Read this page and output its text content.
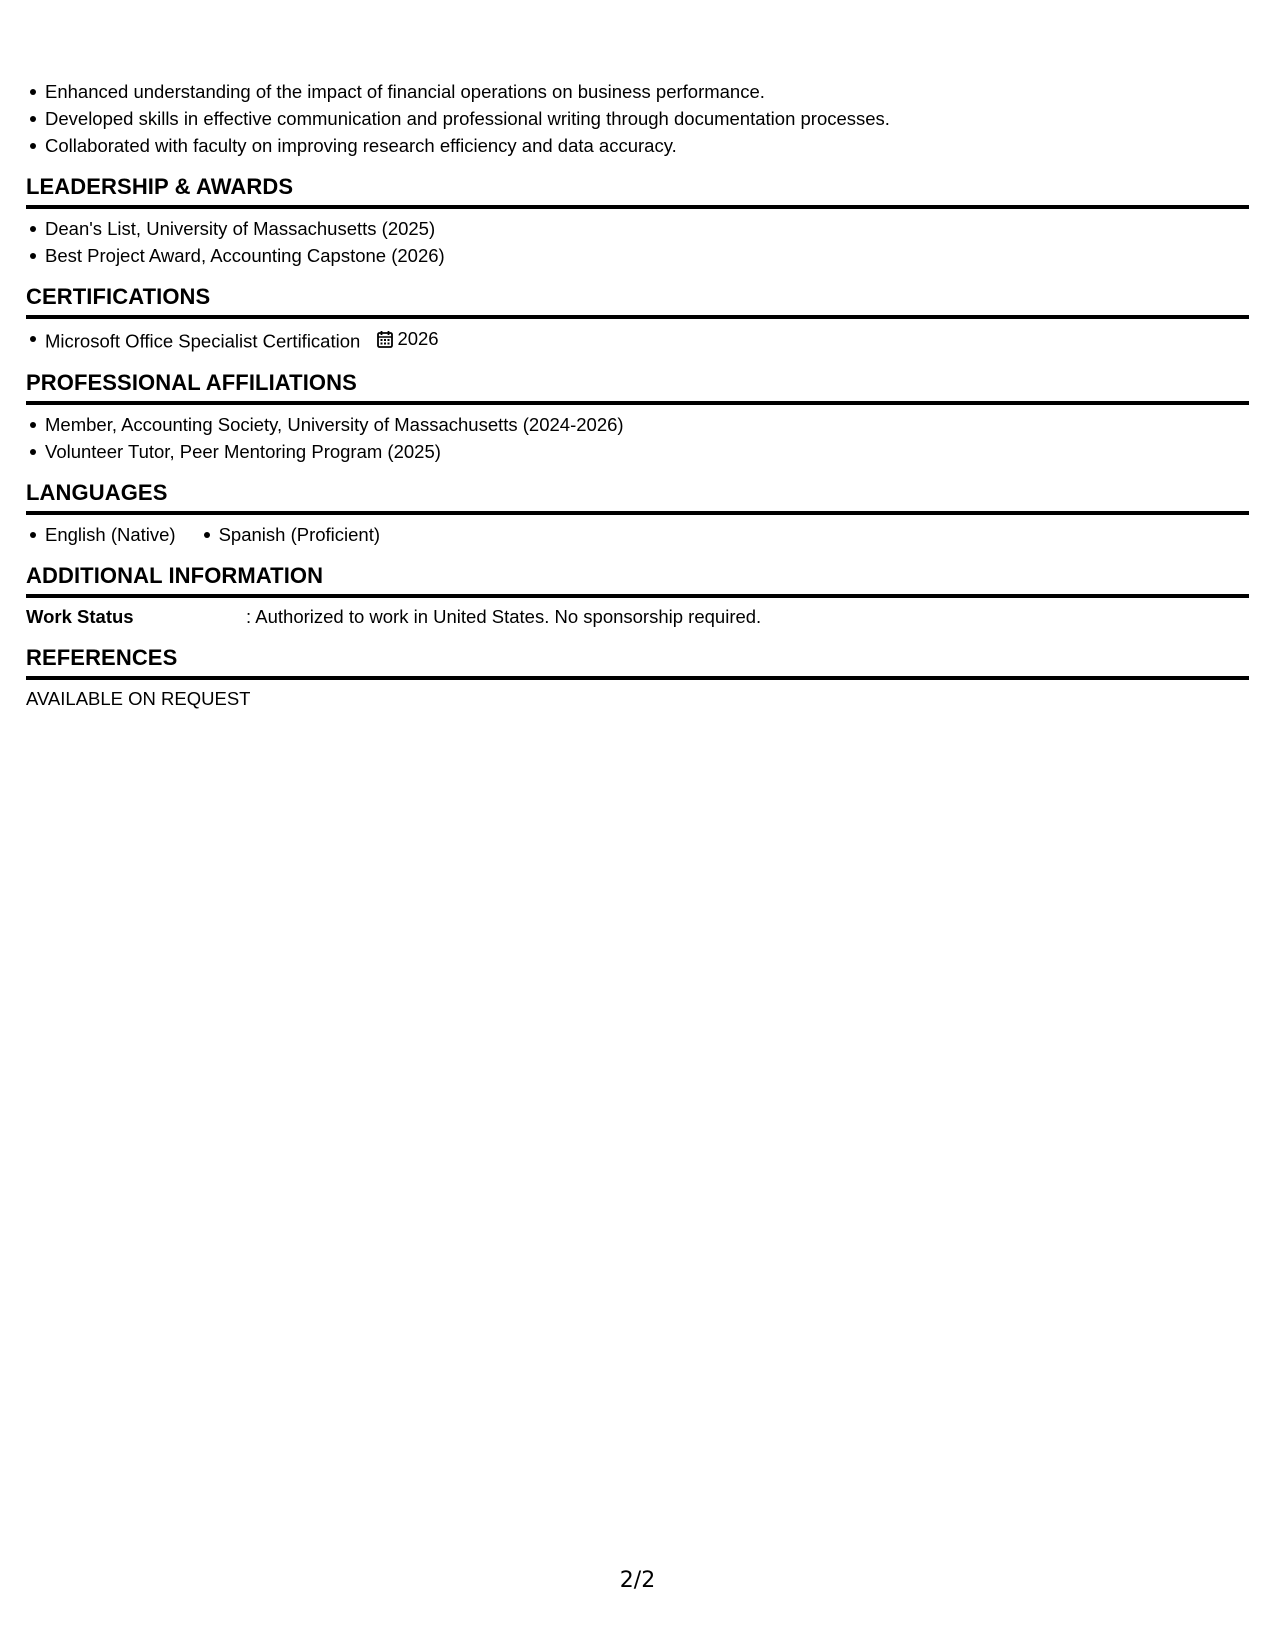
Enhanced understanding of the impact of financial operations on business performance.
Developed skills in effective communication and professional writing through documentation processes.
Collaborated with faculty on improving research efficiency and data accuracy.
LEADERSHIP & AWARDS
Dean's List, University of Massachusetts (2025)
Best Project Award, Accounting Capstone (2026)
CERTIFICATIONS
Microsoft Office Specialist Certification 2026
PROFESSIONAL AFFILIATIONS
Member, Accounting Society, University of Massachusetts (2024-2026)
Volunteer Tutor, Peer Mentoring Program (2025)
LANGUAGES
English (Native)	Spanish (Proficient)
ADDITIONAL INFORMATION
Work Status	: Authorized to work in United States. No sponsorship required.
REFERENCES
AVAILABLE ON REQUEST
2/2
